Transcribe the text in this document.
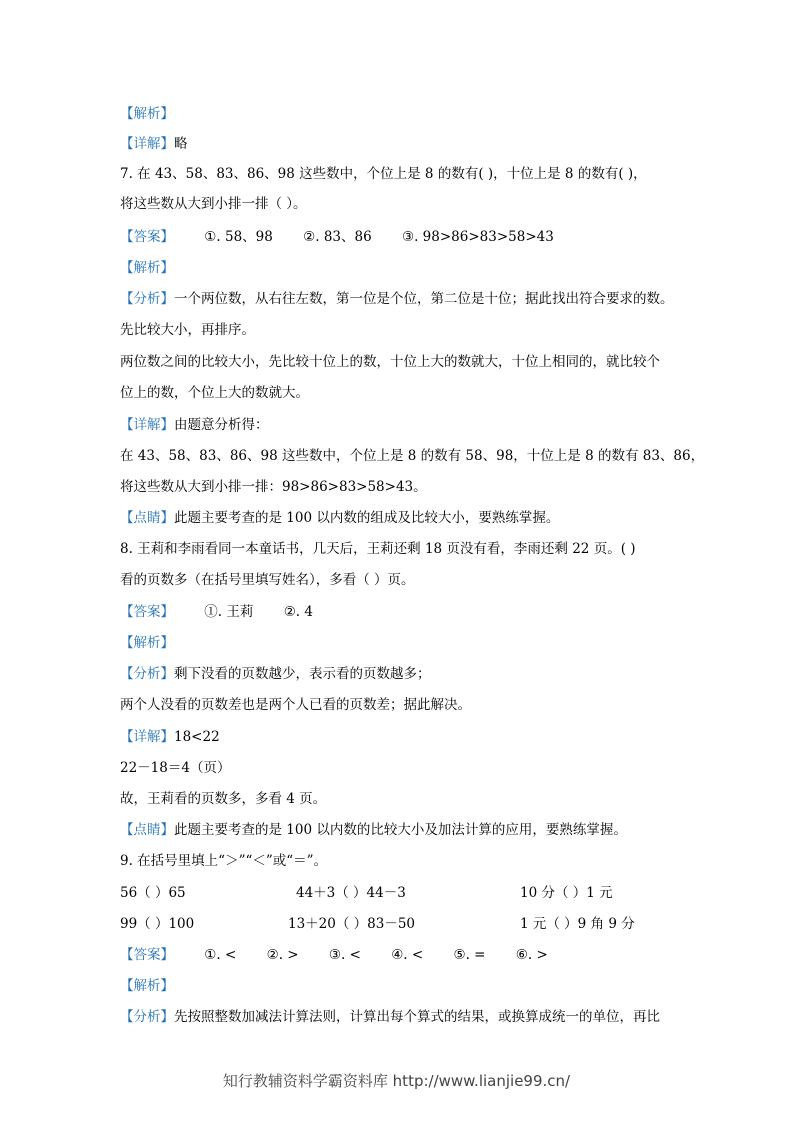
【解析】
【详解】略
7. 在 43、58、83、86、98 这些数中，个位上是 8 的数有( )，十位上是 8 的数有( )，
将这些数从大到小排一排（ ）。
【答案】 ①. 58、98 ②. 83、86 ③. 98>86>83>58>43
【解析】
【分析】一个两位数，从右往左数，第一位是个位，第二位是十位；据此找出符合要求的数。
先比较大小，再排序。
两位数之间的比较大小，先比较十位上的数，十位上大的数就大，十位上相同的，就比较个
位上的数，个位上大的数就大。
【详解】由题意分析得：
在 43、58、83、86、98 这些数中，个位上是 8 的数有 58、98，十位上是 8 的数有 83、86，
将这些数从大到小排一排：98>86>83>58>43。
【点睛】此题主要考查的是 100 以内数的组成及比较大小，要熟练掌握。
8. 王莉和李雨看同一本童话书，几天后，王莉还剩 18 页没有看，李雨还剩 22 页。( )
看的页数多（在括号里填写姓名），多看（ ）页。
【答案】 ①. 王莉 ②. 4
【解析】
【分析】剩下没看的页数越少，表示看的页数越多；
两个人没看的页数差也是两个人已看的页数差；据此解决。
【详解】18<22
22－18＝4（页）
故，王莉看的页数多，多看 4 页。
【点睛】此题主要考查的是 100 以内数的比较大小及加法计算的应用，要熟练掌握。
9. 在括号里填上“＞”“＜”或“＝”。
56（ ）65	44＋3（ ）44－3	10 分（ ）1 元
99（ ）100	13＋20（ ）83－50	1 元（ ）9 角 9 分
【答案】 ①. < ②. > ③. < ④. < ⑤. = ⑥. >
【解析】
【分析】先按照整数加减法计算法则，计算出每个算式的结果，或换算成统一的单位，再比
知行教辅资料学霸资料库 http://www.lianjie99.cn/
